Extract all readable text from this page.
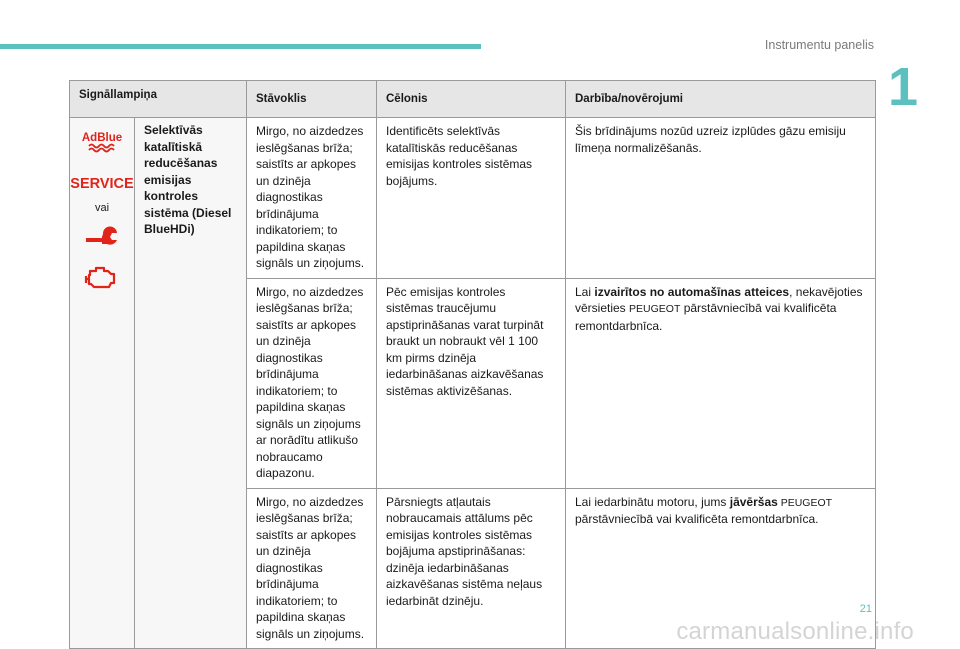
Instrumentu panelis
1
Signāllampiņa		Stāvoklis	Cēlonis	Darbība/novērojumi

AdBlue
SERVICE
vai	Selektīvās katalītiskā reducēšanas emisijas kontroles sistēma (Diesel BlueHDi)	Mirgo, no aizdedzes ieslēgšanas brīža; saistīts ar apkopes un dzinēja diagnostikas brīdinājuma indikatoriem; to papildina skaņas signāls un ziņojums.	Identificēts selektīvās katalītiskās reducēšanas emisijas kontroles sistēmas bojājums.	Šis brīdinājums nozūd uzreiz izplūdes gāzu emisiju līmeņa normalizēšanās.
		Mirgo, no aizdedzes ieslēgšanas brīža; saistīts ar apkopes un dzinēja diagnostikas brīdinājuma indikatoriem; to papildina skaņas signāls un ziņojums ar norādītu atlikušo nobraucamo diapazonu.	Pēc emisijas kontroles sistēmas traucējumu apstiprināšanas varat turpināt braukt un nobraukt vēl 1 100 km pirms dzinēja iedarbināšanas aizkavēšanas sistēmas aktivizēšanas.	Lai izvairītos no automašīnas atteices, nekavējoties vērsieties PEUGEOT pārstāvniecībā vai kvalificēta remontdarbnīca.
		Mirgo, no aizdedzes ieslēgšanas brīža; saistīts ar apkopes un dzinēja diagnostikas brīdinājuma indikatoriem; to papildina skaņas signāls un ziņojums.	Pārsniegts atļautais nobraucamais attālums pēc emisijas kontroles sistēmas bojājuma apstiprināšanas: dzinēja iedarbināšanas aizkavēšanas sistēma neļaus iedarbināt dzinēju.	Lai iedarbinātu motoru, jums jāvēršas PEUGEOT pārstāvniecībā vai kvalificēta remontdarbnīca.
21
carmanualsonline.info
